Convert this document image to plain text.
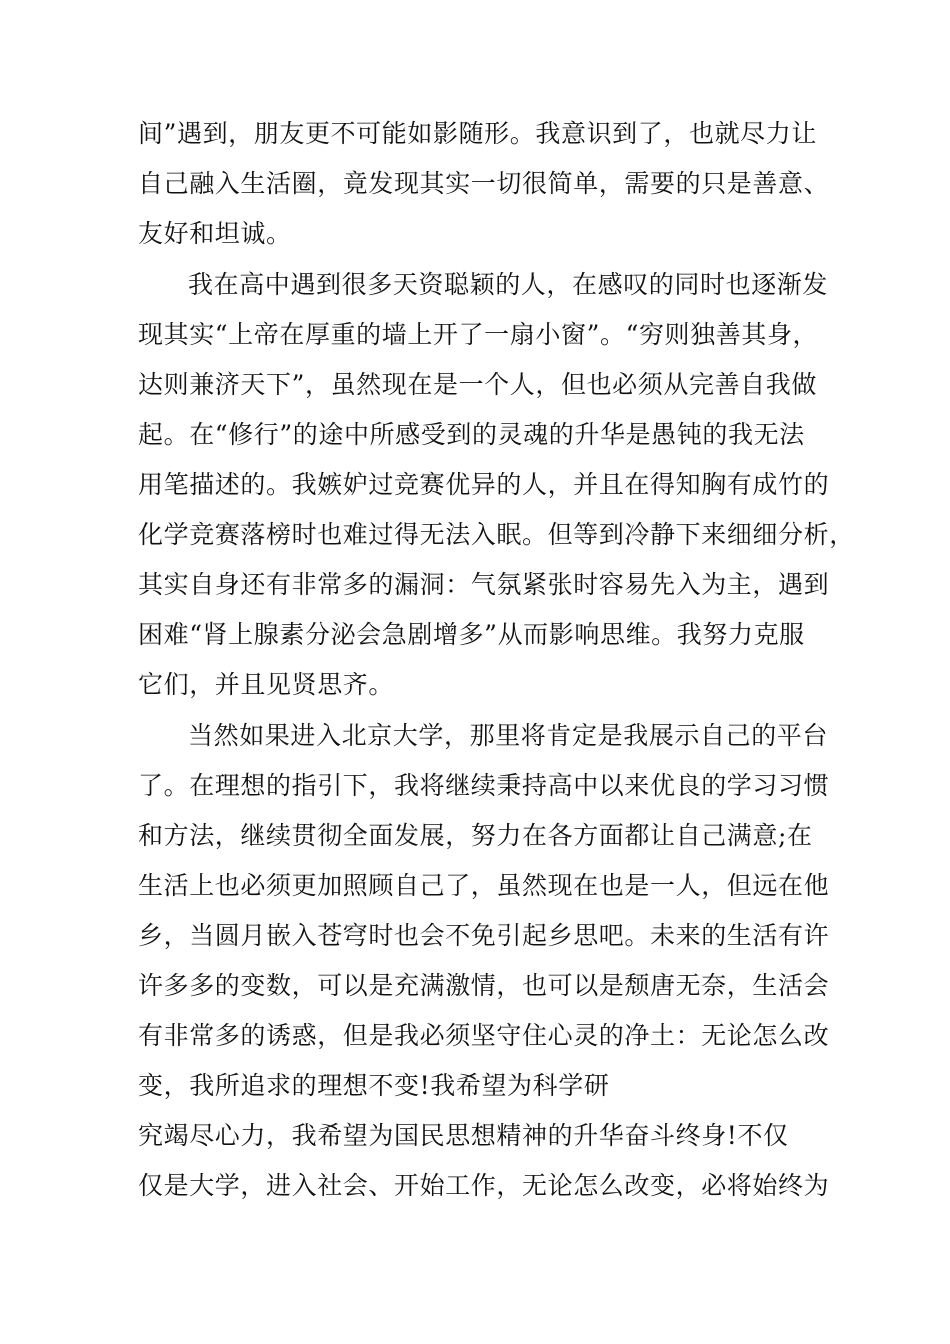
间”遇到，朋友更不可能如影随形。我意识到了，也就尽力让
自己融入生活圈，竟发现其实一切很简单，需要的只是善意、
友好和坦诚。
我在高中遇到很多天资聪颖的人，在感叹的同时也逐渐发
现其实“上帝在厚重的墙上开了一扇小窗”。“穷则独善其身，
达则兼济天下”，虽然现在是一个人，但也必须从完善自我做
起。在“修行”的途中所感受到的灵魂的升华是愚钝的我无法
用笔描述的。我嫉妒过竞赛优异的人，并且在得知胸有成竹的
化学竞赛落榜时也难过得无法入眠。但等到冷静下来细细分析，
其实自身还有非常多的漏洞：气氛紧张时容易先入为主，遇到
困难“肾上腺素分泌会急剧增多”从而影响思维。我努力克服
它们，并且见贤思齐。
当然如果进入北京大学，那里将肯定是我展示自己的平台
了。在理想的指引下，我将继续秉持高中以来优良的学习习惯
和方法，继续贯彻全面发展，努力在各方面都让自己满意;在
生活上也必须更加照顾自己了，虽然现在也是一人，但远在他
乡，当圆月嵌入苍穹时也会不免引起乡思吧。未来的生活有许
许多多的变数，可以是充满激情，也可以是颓唐无奈，生活会
有非常多的诱惑，但是我必须坚守住心灵的净土：无论怎么改
变，我所追求的理想不变!我希望为科学研
究竭尽心力，我希望为国民思想精神的升华奋斗终身!不仅
仅是大学，进入社会、开始工作，无论怎么改变，必将始终为
